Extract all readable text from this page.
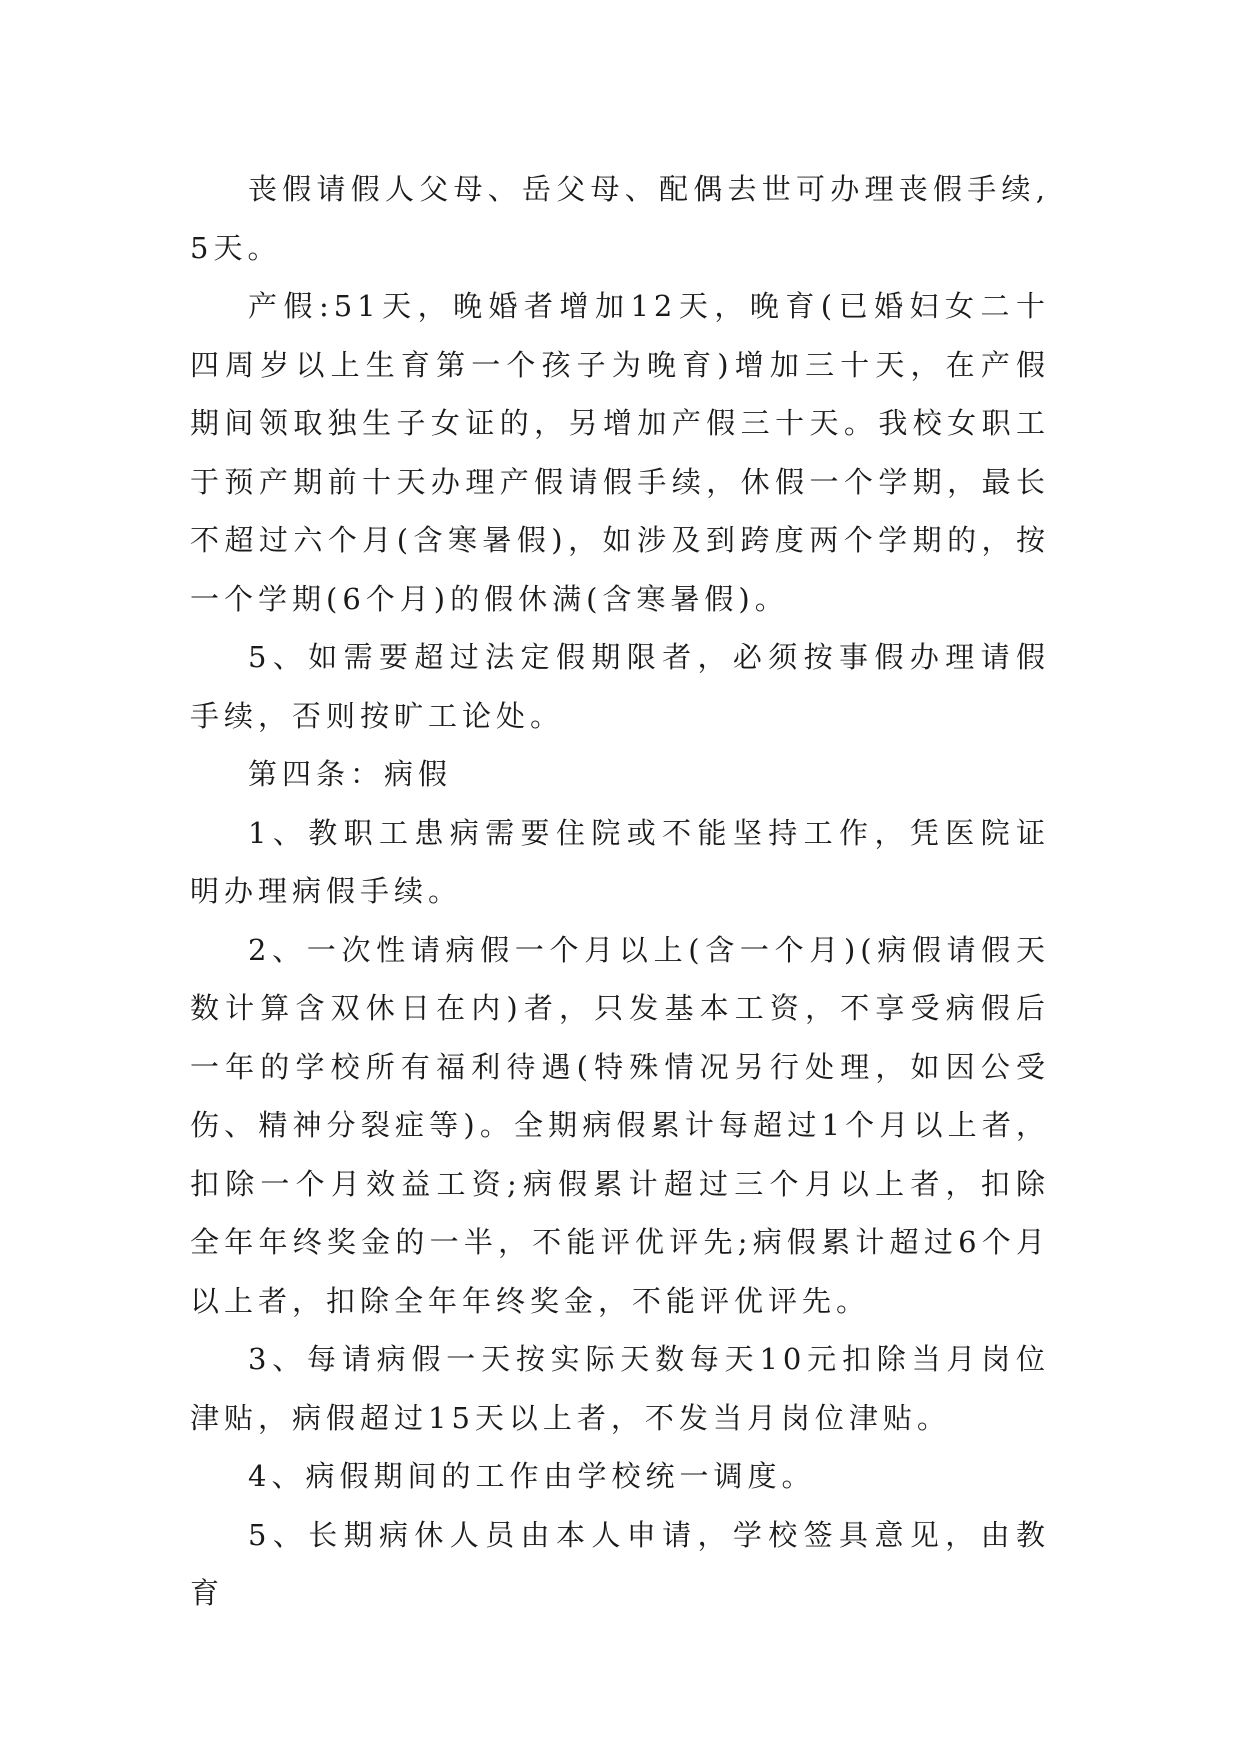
丧假请假人父母、岳父母、配偶去世可办理丧假手续,5天。

产假:51天，晚婚者增加12天，晚育(已婚妇女二十四周岁以上生育第一个孩子为晚育)增加三十天，在产假期间领取独生子女证的，另增加产假三十天。我校女职工于预产期前十天办理产假请假手续，休假一个学期，最长不超过六个月(含寒暑假)，如涉及到跨度两个学期的，按一个学期(6个月)的假休满(含寒暑假)。

5、如需要超过法定假期限者，必须按事假办理请假手续，否则按旷工论处。

第四条：病假

1、教职工患病需要住院或不能坚持工作，凭医院证明办理病假手续。

2、一次性请病假一个月以上(含一个月)(病假请假天数计算含双休日在内)者，只发基本工资，不享受病假后一年的学校所有福利待遇(特殊情况另行处理，如因公受伤、精神分裂症等)。全期病假累计每超过1个月以上者，扣除一个月效益工资;病假累计超过三个月以上者，扣除全年年终奖金的一半，不能评优评先;病假累计超过6个月以上者，扣除全年年终奖金，不能评优评先。

3、每请病假一天按实际天数每天10元扣除当月岗位津贴，病假超过15天以上者，不发当月岗位津贴。

4、病假期间的工作由学校统一调度。

5、长期病休人员由本人申请，学校签具意见，由教育
